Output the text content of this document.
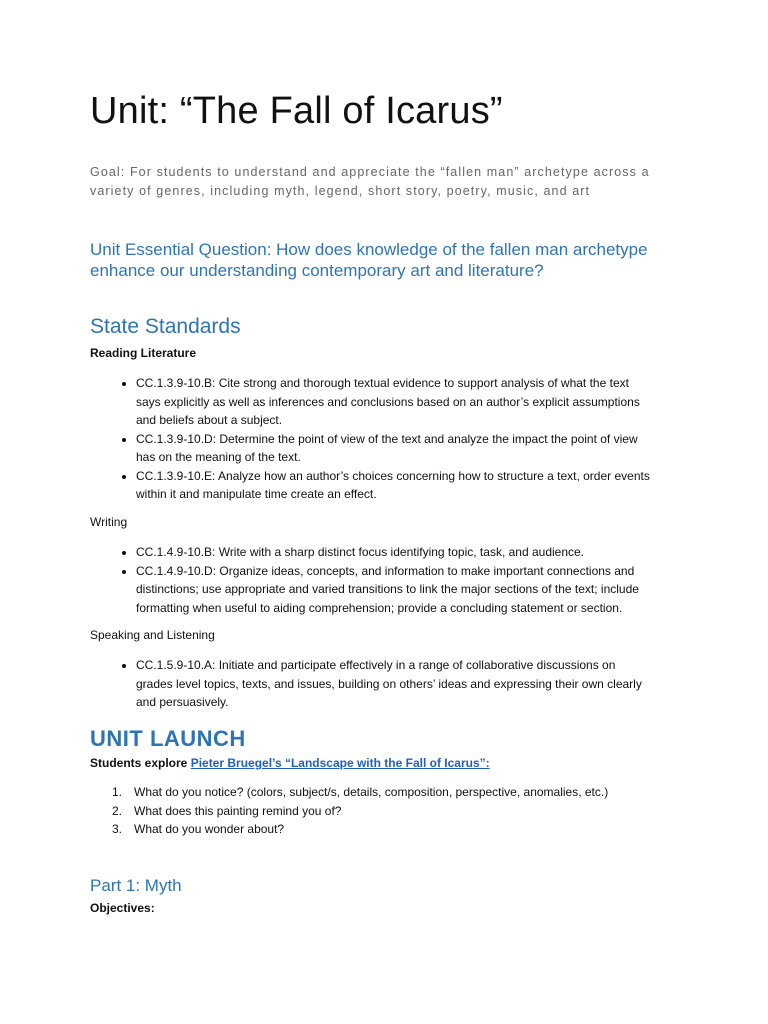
Unit: “The Fall of Icarus”

Goal: For students to understand and appreciate the “fallen man” archetype across a variety of genres, including myth, legend, short story, poetry, music, and art

Unit Essential Question: How does knowledge of the fallen man archetype enhance our understanding contemporary art and literature?

State Standards
Reading Literature
• CC.1.3.9-10.B: Cite strong and thorough textual evidence to support analysis of what the text says explicitly as well as inferences and conclusions based on an author’s explicit assumptions and beliefs about a subject.
• CC.1.3.9-10.D: Determine the point of view of the text and analyze the impact the point of view has on the meaning of the text.
• CC.1.3.9-10.E: Analyze how an author’s choices concerning how to structure a text, order events within it and manipulate time create an effect.
Writing
• CC.1.4.9-10.B: Write with a sharp distinct focus identifying topic, task, and audience.
• CC.1.4.9-10.D: Organize ideas, concepts, and information to make important connections and distinctions; use appropriate and varied transitions to link the major sections of the text; include formatting when useful to aiding comprehension; provide a concluding statement or section.
Speaking and Listening
• CC.1.5.9-10.A: Initiate and participate effectively in a range of collaborative discussions on grades level topics, texts, and issues, building on others’ ideas and expressing their own clearly and persuasively.
UNIT LAUNCH
Students explore Pieter Bruegel’s “Landscape with the Fall of Icarus”:
1. What do you notice? (colors, subject/s, details, composition, perspective, anomalies, etc.)
2. What does this painting remind you of?
3. What do you wonder about?
Part 1: Myth
Objectives:
